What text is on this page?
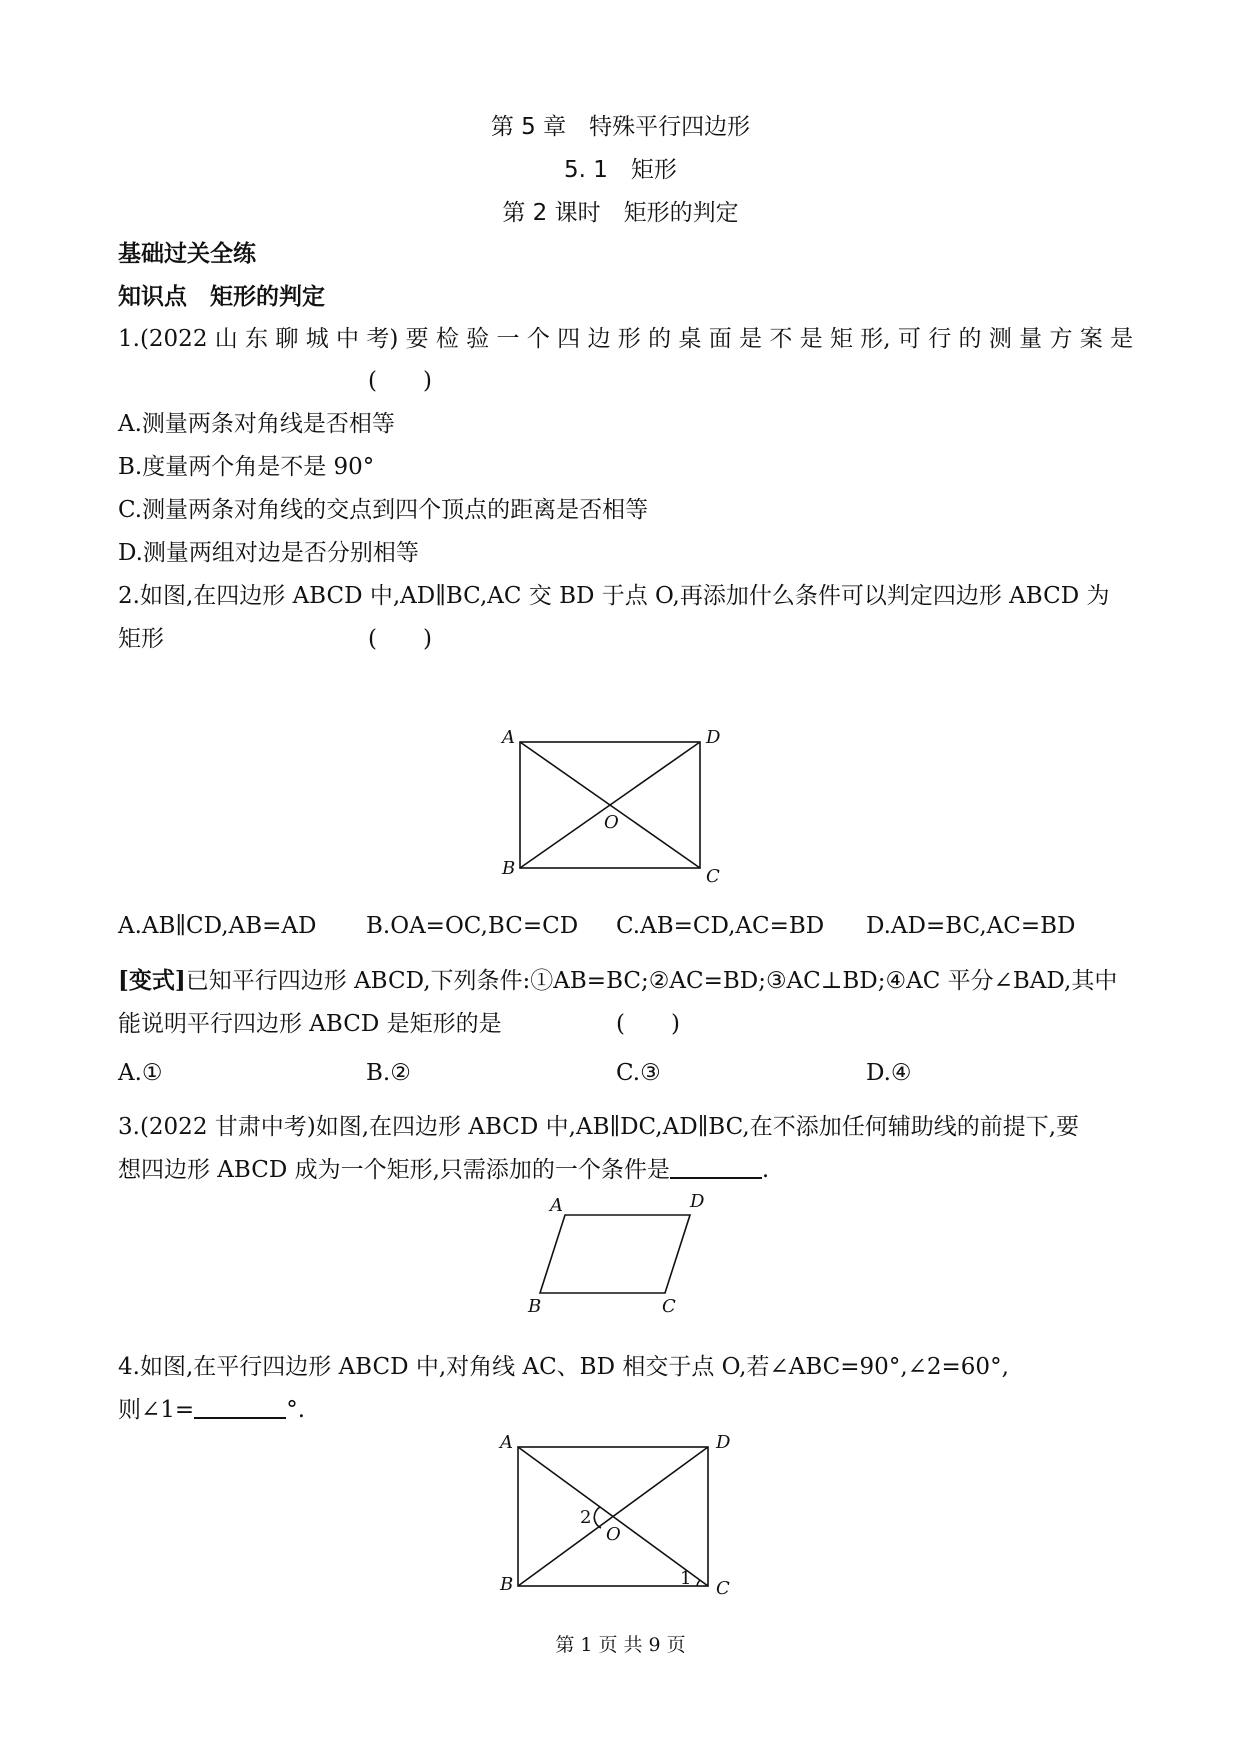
第 5 章　特殊平行四边形
5. 1　矩形
第 2 课时　矩形的判定
基础过关全练
知识点　矩形的判定
1.(2022 山 东 聊 城 中 考) 要 检 验 一 个 四 边 形 的 桌 面 是 不 是 矩 形, 可 行 的 测 量 方 案 是
(　　)
A.测量两条对角线是否相等
B.度量两个角是不是 90°
C.测量两条对角线的交点到四个顶点的距离是否相等
D.测量两组对边是否分别相等
2.如图,在四边形 ABCD 中,AD∥BC,AC 交 BD 于点 O,再添加什么条件可以判定四边形 ABCD 为
矩形	(　　)
A	D
B	C
O
A.AB∥CD,AB=AD B.OA=OC,BC=CD C.AB=CD,AC=BD D.AD=BC,AC=BD
[变式]已知平行四边形 ABCD,下列条件:①AB=BC;②AC=BD;③AC⊥BD;④AC 平分∠BAD,其中
能说明平行四边形 ABCD 是矩形的是	(　　)
A.①	B.②	C.③	D.④
3.(2022 甘肃中考)如图,在四边形 ABCD 中,AB∥DC,AD∥BC,在不添加任何辅助线的前提下,要
想四边形 ABCD 成为一个矩形,只需添加的一个条件是	.
A	D
B	C
4.如图,在平行四边形 ABCD 中,对角线 AC、BD 相交于点 O,若∠ABC=90°,∠2=60°,
则∠1=	°.
A	D
B	C
O
2
1
第 1 页 共 9 页
